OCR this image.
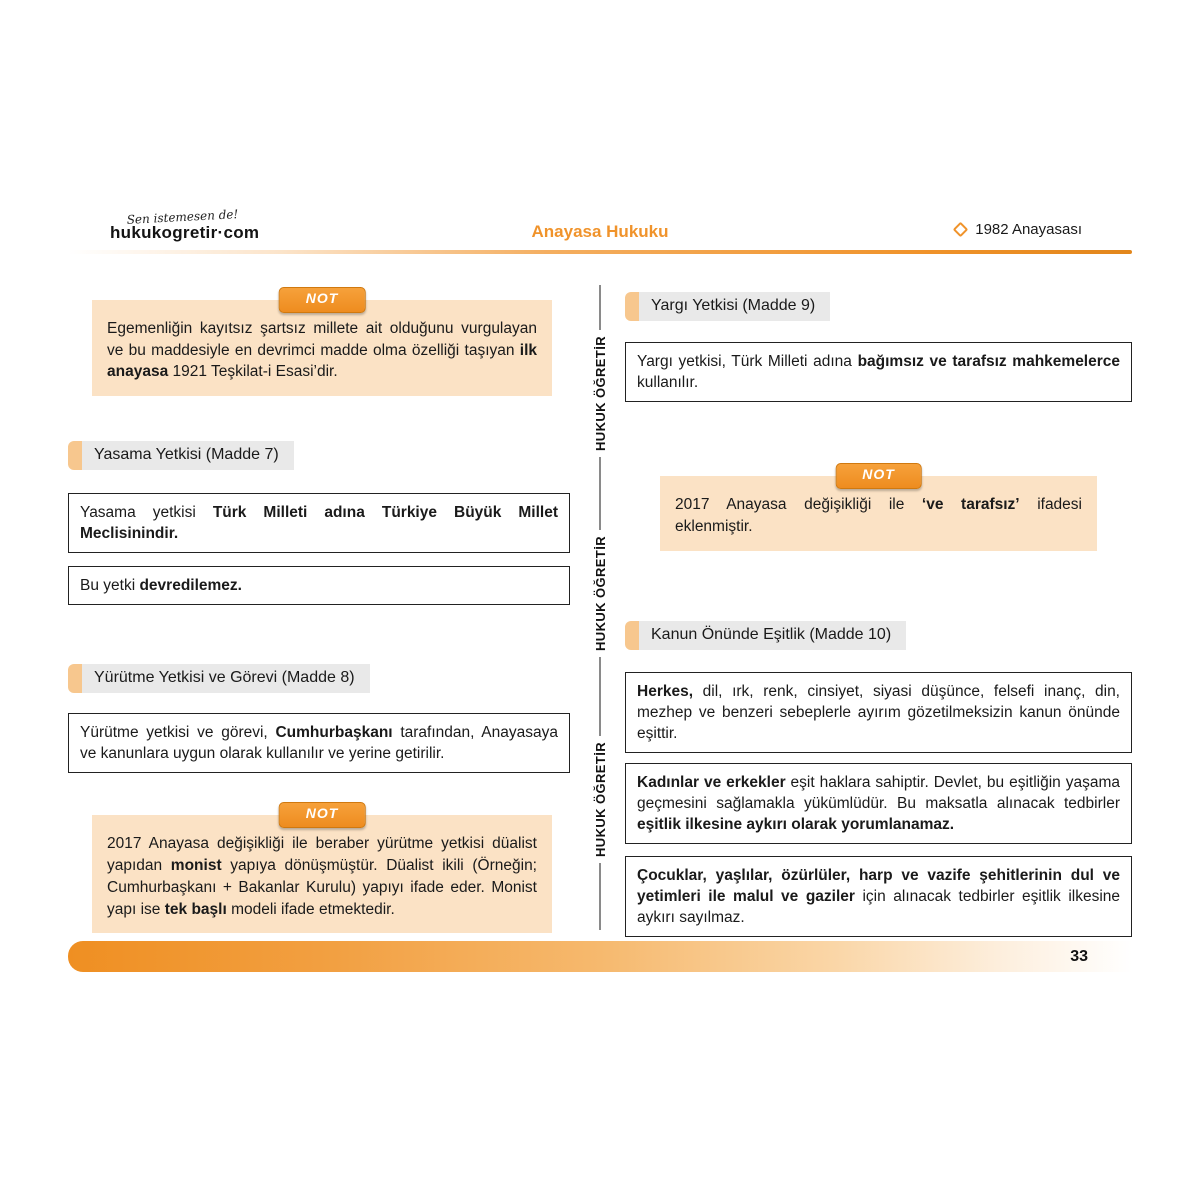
Sen istemesen de!
hukukogretir·com	Anayasa Hukuku	1982 Anayasası
HUKUK ÖĞRETİR
HUKUK ÖĞRETİR
HUKUK ÖĞRETİR
NOT
Egemenliğin kayıtsız şartsız millete ait olduğunu vurgulayan ve bu maddesiyle en devrimci madde olma özelliği taşıyan ilk anayasa 1921 Teşkilat-i Esasi’dir.
Yasama Yetkisi (Madde 7)
Yasama yetkisi Türk Milleti adına Türkiye Büyük Millet Meclisinindir.
Bu yetki devredilemez.
Yürütme Yetkisi ve Görevi (Madde 8)
Yürütme yetkisi ve görevi, Cumhurbaşkanı tarafından, Anayasaya ve kanunlara uygun olarak kullanılır ve yerine getirilir.
NOT
2017 Anayasa değişikliği ile beraber yürütme yetkisi düalist yapıdan monist yapıya dönüşmüştür. Düalist ikili (Örneğin; Cumhurbaşkanı + Bakanlar Kurulu) yapıyı ifade eder. Monist yapı ise tek başlı modeli ifade etmektedir.
Yargı Yetkisi (Madde 9)
Yargı yetkisi, Türk Milleti adına bağımsız ve tarafsız mahkemelerce kullanılır.
NOT
2017 Anayasa değişikliği ile ‘ve tarafsız’ ifadesi eklenmiştir.
Kanun Önünde Eşitlik (Madde 10)
Herkes, dil, ırk, renk, cinsiyet, siyasi düşünce, felsefi inanç, din, mezhep ve benzeri sebeplerle ayırım gözetilmeksizin kanun önünde eşittir.
Kadınlar ve erkekler eşit haklara sahiptir. Devlet, bu eşitliğin yaşama geçmesini sağlamakla yükümlüdür. Bu maksatla alınacak tedbirler eşitlik ilkesine aykırı olarak yorumlanamaz.
Çocuklar, yaşlılar, özürlüler, harp ve vazife şehitlerinin dul ve yetimleri ile malul ve gaziler için alınacak tedbirler eşitlik ilkesine aykırı sayılmaz.
33
